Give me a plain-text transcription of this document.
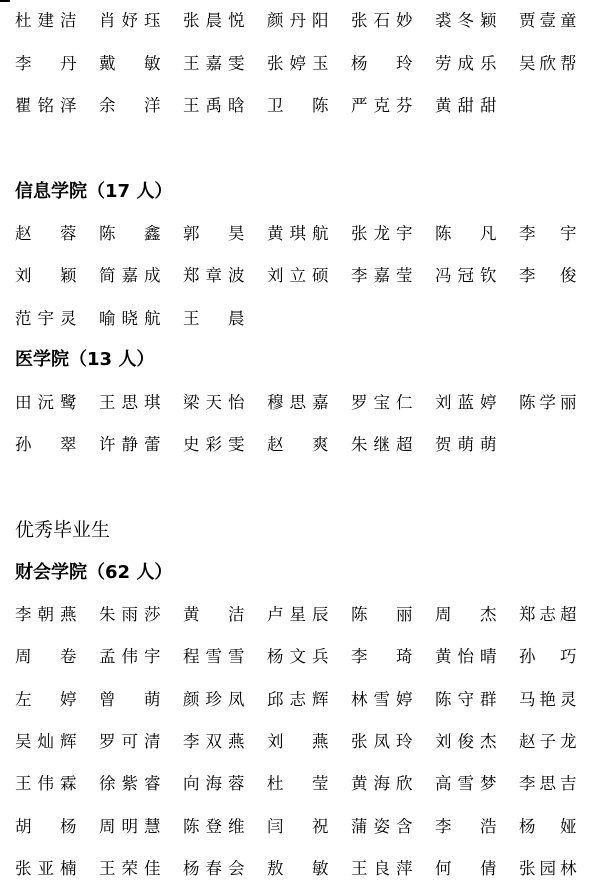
杜建洁 肖妤珏 张晨悦 颜丹阳 张石妙 裘冬颖 贾壹童
李丹 戴敏 王嘉雯 张婷玉 杨玲 劳成乐 吴欣帮
瞿铭泽 余洋 王禹晗 卫陈 严克芬 黄甜甜
信息学院（17 人）
赵蓉 陈鑫 郭昊 黄琪航 张龙宇 陈凡 李宇
刘颖 简嘉成 郑章波 刘立硕 李嘉莹 冯冠钦 李俊
范宇灵 喻晓航 王晨
医学院（13 人）
田沅鹭 王思琪 梁天怡 穆思嘉 罗宝仁 刘蓝婷 陈学丽
孙翠 许静蕾 史彩雯 赵爽 朱继超 贺萌萌
优秀毕业生
财会学院（62 人）
李朝燕 朱雨莎 黄洁 卢星辰 陈丽 周杰 郑志超
周卷 孟伟宇 程雪雪 杨文兵 李琦 黄怡晴 孙巧
左婷 曾萌 颜珍凤 邱志辉 林雪婷 陈守群 马艳灵
吴灿辉 罗可清 李双燕 刘燕 张凤玲 刘俊杰 赵子龙
王伟霖 徐紫睿 向海蓉 杜莹 黄海欣 高雪梦 李思吉
胡杨 周明慧 陈登维 闫祝 蒲姿含 李浩 杨娅
张亚楠 王荣佳 杨春会 敖敏 王良萍 何倩 张园林
